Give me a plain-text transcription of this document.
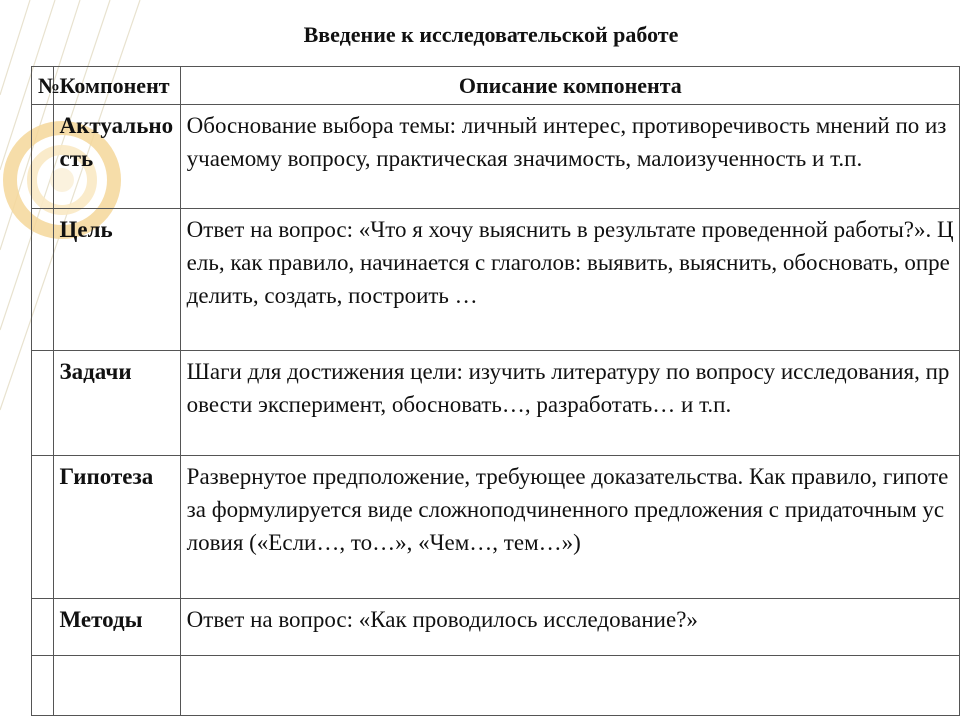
Введение к исследовательской работе
№	Компонент	Описание компонента
	Актуальность	Обоснование выбора темы: личный интерес, противоречивость мнений по изучаемому вопросу, практическая значимость, малоизученность и т.п.
	Цель	Ответ на вопрос: «Что я хочу выяснить в результате проведенной работы?». Цель, как правило, начинается с глаголов: выявить, выяснить, обосновать, определить, создать, построить …
	Задачи	Шаги для достижения цели: изучить литературу по вопросу исследования, провести эксперимент, обосновать…, разработать… и т.п.
	Гипотеза	Развернутое предположение, требующее доказательства. Как правило, гипотеза формулируется виде сложноподчиненного предложения с придаточным условия («Если…, то…», «Чем…, тем…»)
	Методы	Ответ на вопрос: «Как проводилось исследование?»
